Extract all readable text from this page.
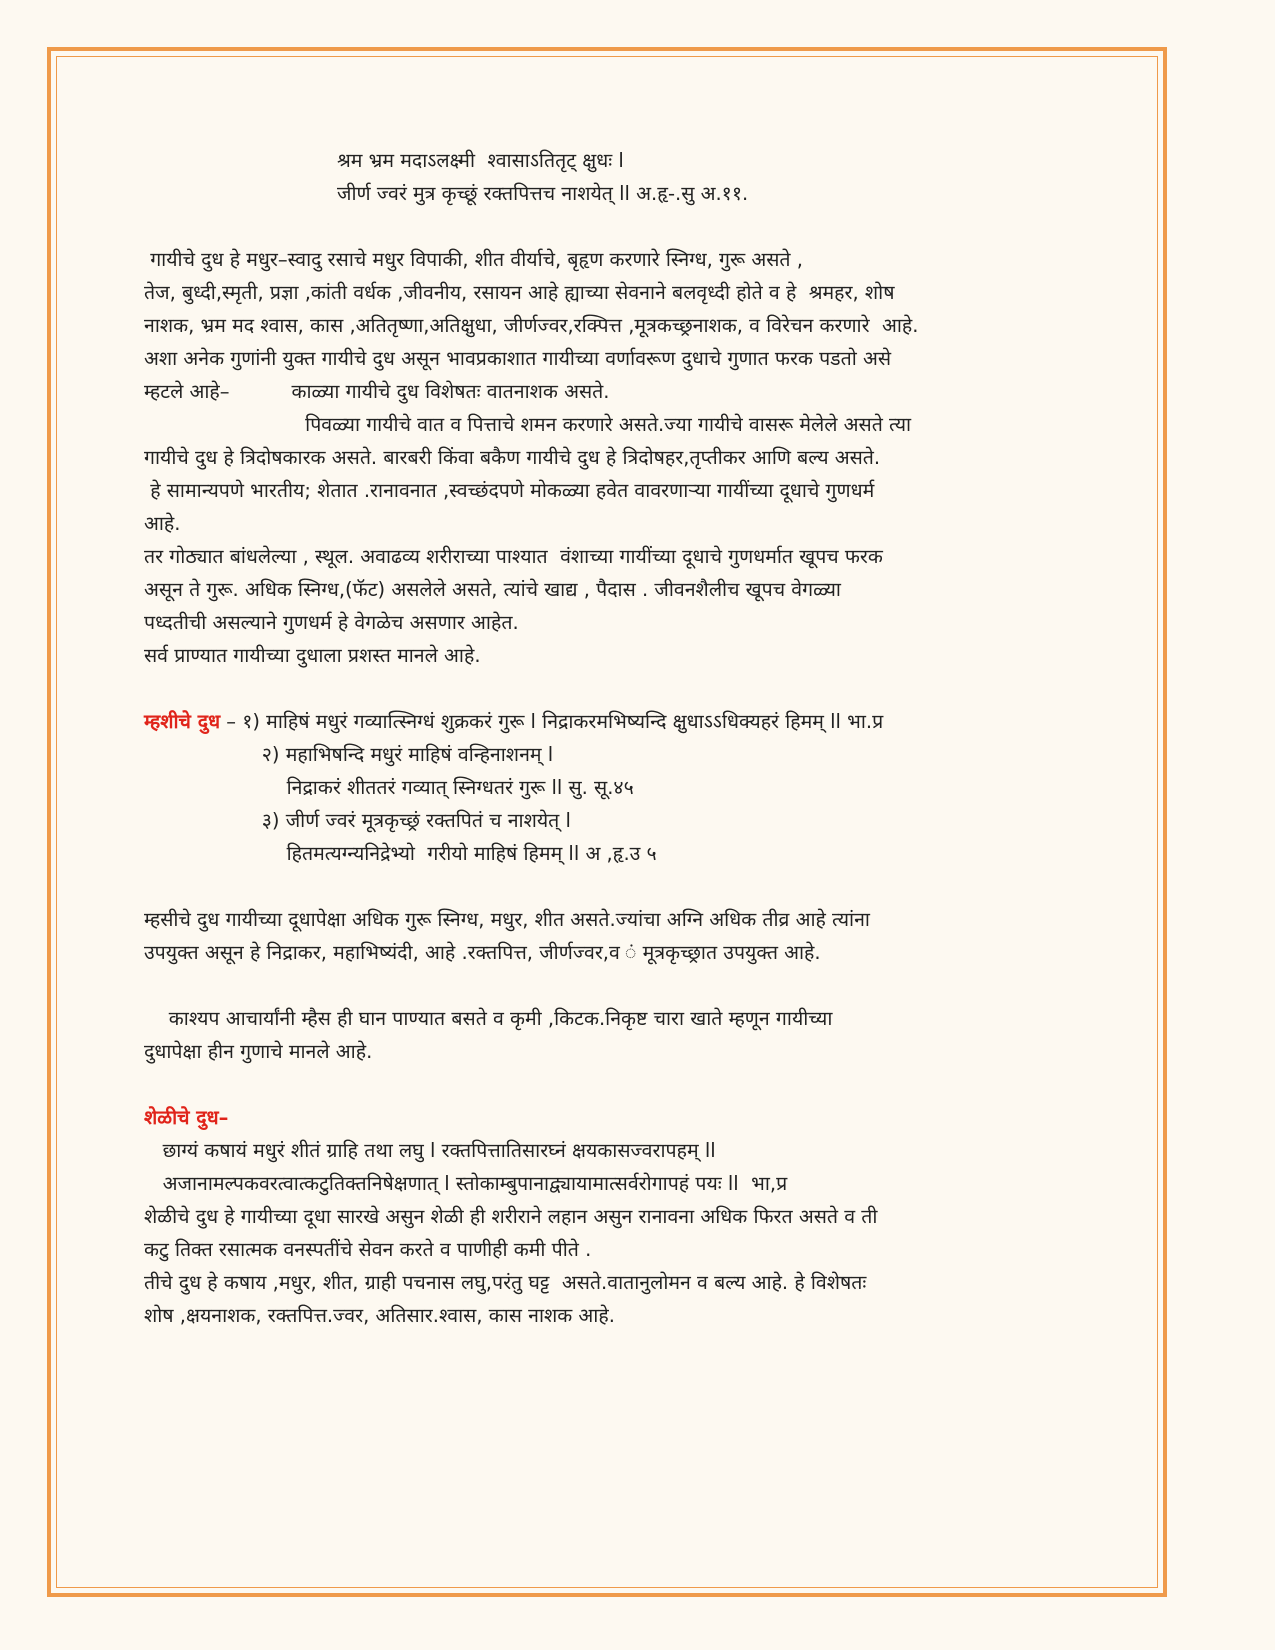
श्रम भ्रम मदाऽलक्ष्मी  श्वासाऽतितृट् क्षुधः l
जीर्ण ज्वरं मुत्र कृच्छूं रक्तपित्तच नाशयेत् ll अ.हृ-.सु अ.११.
गायीचे दुध हे मधुर–स्वादु रसाचे मधुर विपाकी, शीत वीर्याचे, बृहृण करणारे स्निग्ध, गुरू असते ,
तेज, बुध्दी,स्मृती, प्रज्ञा ,कांती वर्धक ,जीवनीय, रसायन आहे ह्याच्या सेवनाने बलवृध्दी होते व हे  श्रमहर, शोष
नाशक, भ्रम मद श्वास, कास ,अतितृष्णा,अतिक्षुधा, जीर्णज्वर,रक्पित्त ,मूत्रकच्छ्रनाशक, व विरेचन करणारे  आहे.
अशा अनेक गुणांनी युक्त गायीचे दुध असून भावप्रकाशात गायीच्या वर्णावरूण दुधाचे गुणात फरक पडतो असे
म्हटले आहे–          काळ्या गायीचे दुध विशेषतः वातनाशक असते.
पिवळ्या गायीचे वात व पित्ताचे शमन करणारे असते.ज्या गायीचे वासरू मेलेले असते त्या
गायीचे दुध हे त्रिदोषकारक असते. बारबरी किंवा बकैण गायीचे दुध हे त्रिदोषहर,तृप्तीकर आणि बल्य असते.
हे सामान्यपणे भारतीय; शेतात .रानावनात ,स्वच्छंदपणे मोकळ्या हवेत वावरणाऱ्या गायींच्या दूधाचे गुणधर्म
आहे.
तर गोठ्यात बांधलेल्या , स्थूल. अवाढव्य शरीराच्या पाश्यात  वंशाच्या गायींच्या दूधाचे गुणधर्मात खूपच फरक
असून ते गुरू. अधिक स्निग्ध,(फॅट) असलेले असते, त्यांचे खाद्य , पैदास . जीवनशैलीच खूपच वेगळ्या
पध्दतीची असल्याने गुणधर्म हे वेगळेच असणार आहेत.
सर्व प्राण्यात गायीच्या दुधाला प्रशस्त मानले आहे.
म्हशीचे दुध – १) माहिषं मधुरं गव्यात्स्निग्धं शुक्रकरं गुरू l निद्राकरमभिष्यन्दि क्षुधाऽऽधिक्यहरं हिमम् ll भा.प्र
२) महाभिषन्दि मधुरं माहिषं वन्हिनाशनम् l
निद्राकरं शीततरं गव्यात् स्निग्धतरं गुरू ll सु. सू.४५
३) जीर्ण ज्वरं मूत्रकृच्छ्रं रक्तपितं च नाशयेत् l
हितमत्यग्न्यनिद्रेभ्यो  गरीयो माहिषं हिमम् ll अ ,हृ.उ ५
म्हसीचे दुध गायीच्या दूधापेक्षा अधिक गुरू स्निग्ध, मधुर, शीत असते.ज्यांचा अग्नि अधिक तीव्र आहे त्यांना
उपयुक्त असून हे निद्राकर, महाभिष्यंदी, आहे .रक्तपित्त, जीर्णज्वर,व ं मूत्रकृच्छ्रात उपयुक्त आहे.
काश्यप आचार्यांनी म्हैस ही घान पाण्यात बसते व कृमी ,किटक.निकृष्ट चारा खाते म्हणून गायीच्या
दुधापेक्षा हीन गुणाचे मानले आहे.
शेळीचे दुध–
छाग्यं कषायं मधुरं शीतं ग्राहि तथा लघु l रक्तपित्तातिसारघ्नं क्षयकासज्वरापहम् ll
अजानामल्पकवरत्वात्कटुतिक्तनिषेक्षणात् l स्तोकाम्बुपानाद्व्यायामात्सर्वरोगापहं पयः ll  भा,प्र
शेळीचे दुध हे गायीच्या दूधा सारखे असुन शेळी ही शरीराने लहान असुन रानावना अधिक फिरत असते व ती
कटु तिक्त रसात्मक वनस्पतींचे सेवन करते व पाणीही कमी पीते .
तीचे दुध हे कषाय ,मधुर, शीत, ग्राही पचनास लघु,परंतु घट्ट  असते.वातानुलोमन व बल्य आहे. हे विशेषतः
शोष ,क्षयनाशक, रक्तपित्त.ज्वर, अतिसार.श्वास, कास नाशक आहे.
